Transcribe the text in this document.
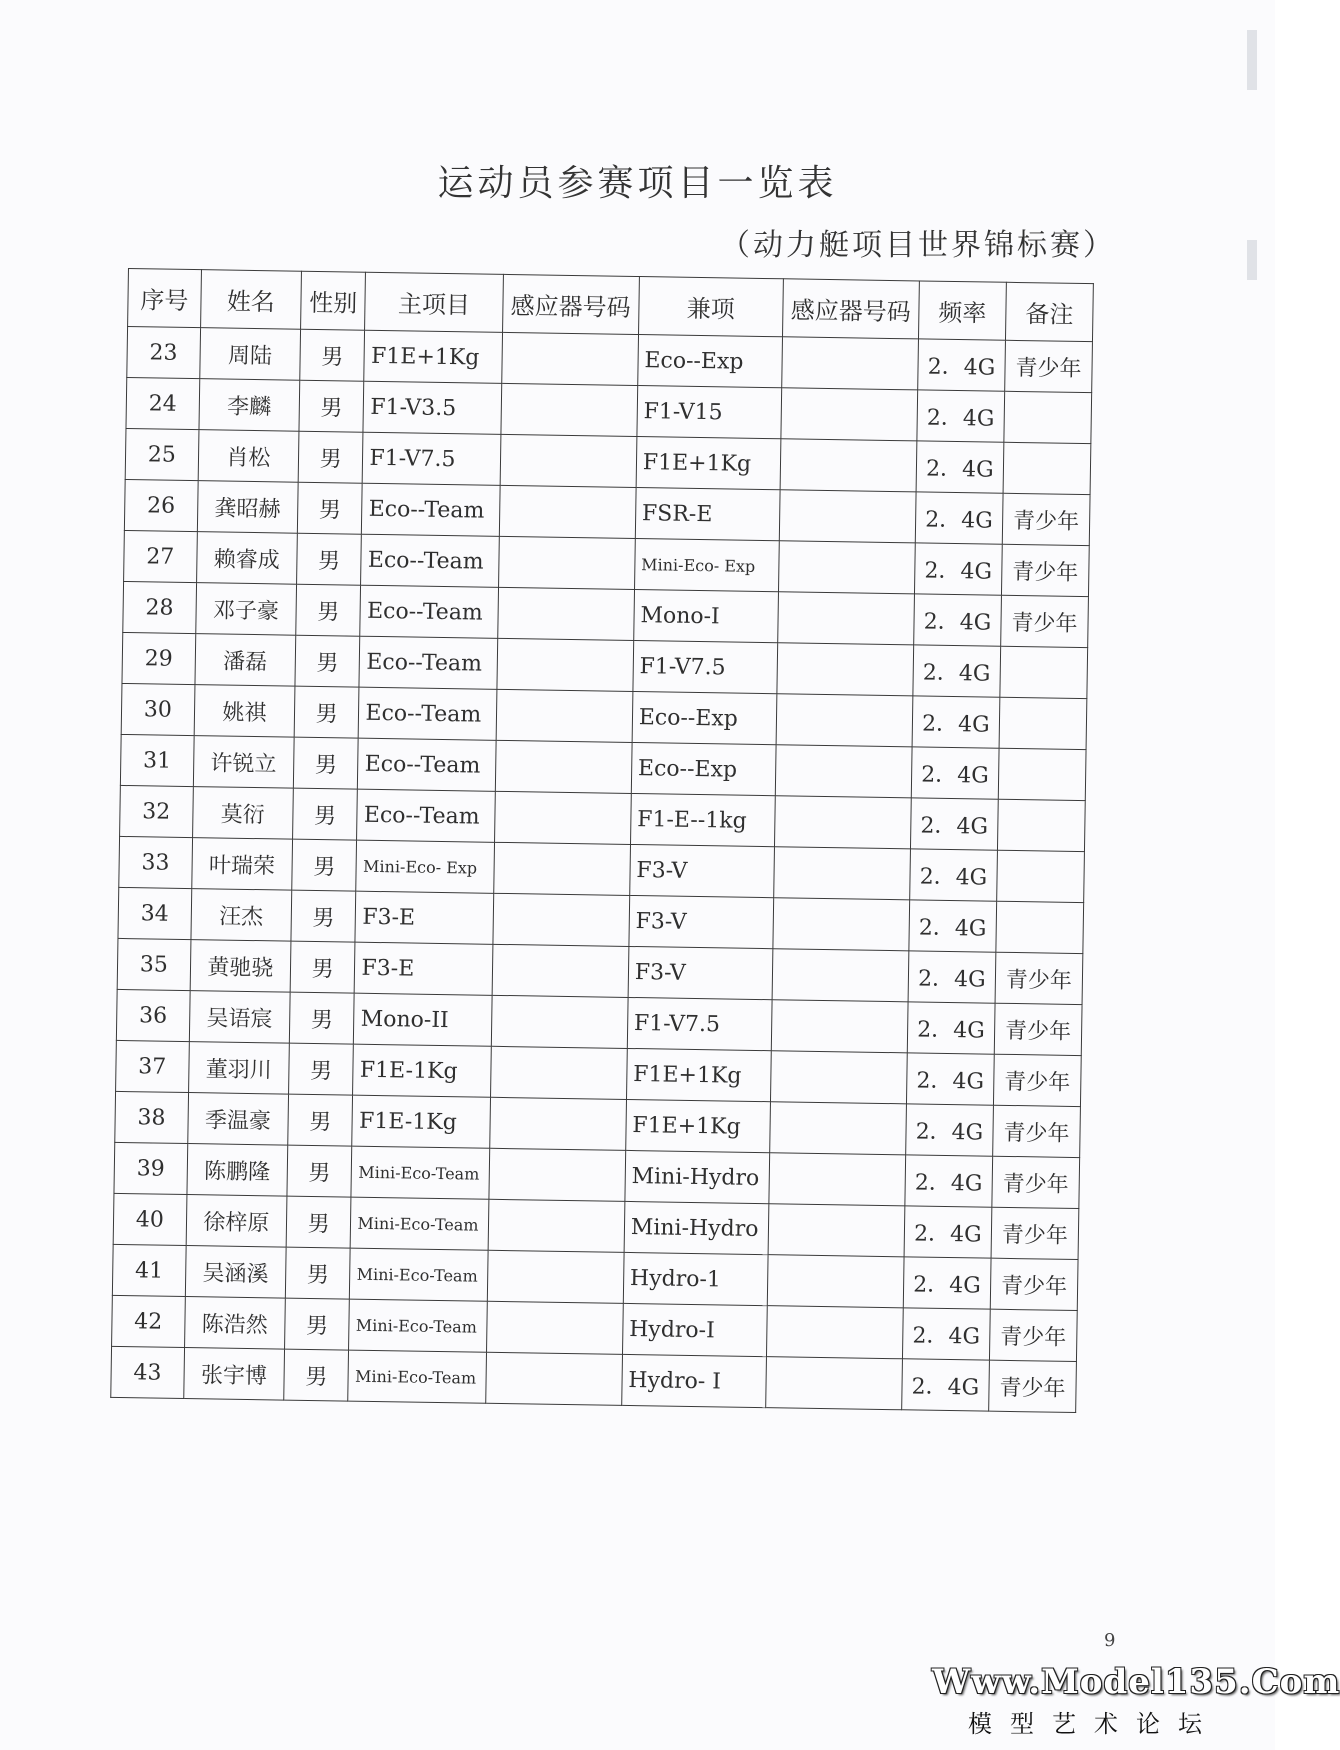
运动员参赛项目一览表
（动力艇项目世界锦标赛）
序号	姓名	性别	主项目	感应器号码	兼项	感应器号码	频率	备注
23	周陆	男	F1E+1Kg		Eco--Exp		2．4G	青少年
24	李麟	男	F1-V3.5		F1-V15		2．4G	
25	肖松	男	F1-V7.5		F1E+1Kg		2．4G	
26	龚昭赫	男	Eco--Team		FSR-E		2．4G	青少年
27	赖睿成	男	Eco--Team		Mini-Eco- Exp		2．4G	青少年
28	邓子豪	男	Eco--Team		Mono-I		2．4G	青少年
29	潘磊	男	Eco--Team		F1-V7.5		2．4G	
30	姚祺	男	Eco--Team		Eco--Exp		2．4G	
31	许锐立	男	Eco--Team		Eco--Exp		2．4G	
32	莫衍	男	Eco--Team		F1-E--1kg		2．4G	
33	叶瑞荣	男	Mini-Eco- Exp		F3-V		2．4G	
34	汪杰	男	F3-E		F3-V		2．4G	
35	黄驰骁	男	F3-E		F3-V		2．4G	青少年
36	吴语宸	男	Mono-II		F1-V7.5		2．4G	青少年
37	董羽川	男	F1E-1Kg		F1E+1Kg		2．4G	青少年
38	季温豪	男	F1E-1Kg		F1E+1Kg		2．4G	青少年
39	陈鹏隆	男	Mini-Eco-Team		Mini-Hydro		2．4G	青少年
40	徐梓原	男	Mini-Eco-Team		Mini-Hydro		2．4G	青少年
41	吴涵溪	男	Mini-Eco-Team		Hydro-1		2．4G	青少年
42	陈浩然	男	Mini-Eco-Team		Hydro-I		2．4G	青少年
43	张宇博	男	Mini-Eco-Team		Hydro- I		2．4G	青少年
9
Www.Model135.Com
模型艺术论坛
